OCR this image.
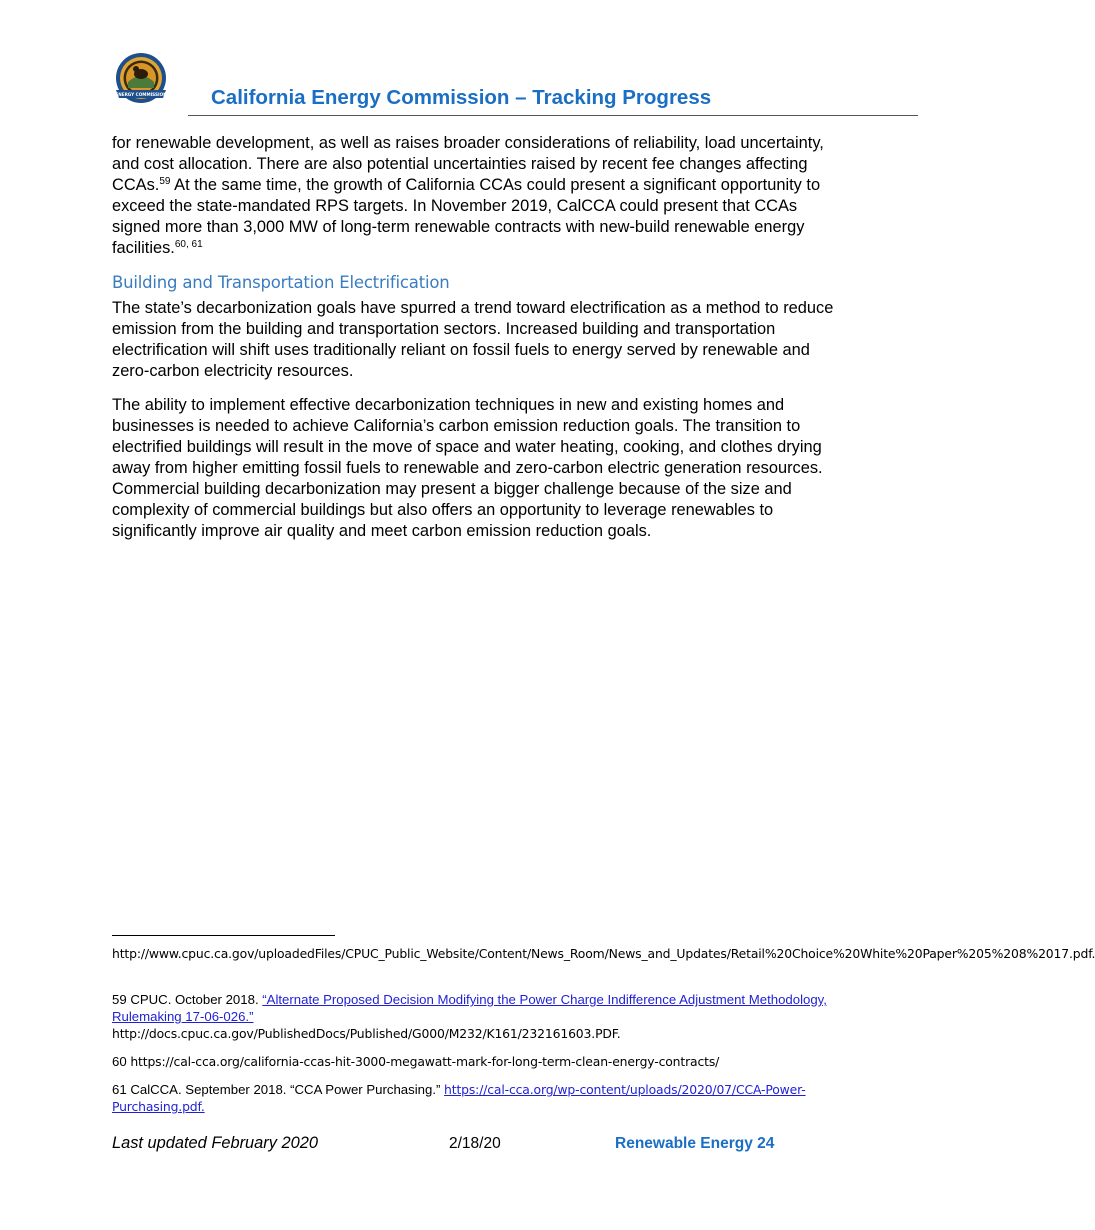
ENERGY COMMISSION California Energy Commission – Tracking Progress

for renewable development, as well as raises broader considerations of reliability, load uncertainty, and cost allocation. There are also potential uncertainties raised by recent fee changes affecting CCAs.$^{59}$ At the same time, the growth of California CCAs could present a significant opportunity to exceed the state-mandated RPS targets. In November 2019, CalCCA could present that CCAs signed more than 3,000 MW of long-term renewable contracts with new-build renewable energy facilities.$^{60, 61}$

Building and Transportation Electrification

The state’s decarbonization goals have spurred a trend toward electrification as a method to reduce emission from the building and transportation sectors. Increased building and transportation electrification will shift uses traditionally reliant on fossil fuels to energy served by renewable and zero-carbon electricity resources.

The ability to implement effective decarbonization techniques in new and existing homes and businesses is needed to achieve California’s carbon emission reduction goals. The transition to electrified buildings will result in the move of space and water heating, cooking, and clothes drying away from higher emitting fossil fuels to renewable and zero-carbon electric generation resources. Commercial building decarbonization may present a bigger challenge because of the size and complexity of commercial buildings but also offers an opportunity to leverage renewables to significantly improve air quality and meet carbon emission reduction goals.

http://www.cpuc.ca.gov/uploadedFiles/CPUC_Public_Website/Content/News_Room/News_and_Updates/Retail%20Choice%20White%20Paper%205%208%2017.pdf.

59 CPUC. October 2018. “Alternate Proposed Decision Modifying the Power Charge Indifference Adjustment Methodology, Rulemaking 17-06-026.”

http://docs.cpuc.ca.gov/PublishedDocs/Published/G000/M232/K161/232161603.PDF.

60 https://cal-cca.org/california-ccas-hit-3000-megawatt-mark-for-long-term-clean-energy-contracts/

61 CalCCA. September 2018. “CCA Power Purchasing.” https://cal-cca.org/wp-content/uploads/2020/07/CCA-Power-Purchasing.pdf.

Last updated February 2020	2/18/20	Renewable Energy 24
